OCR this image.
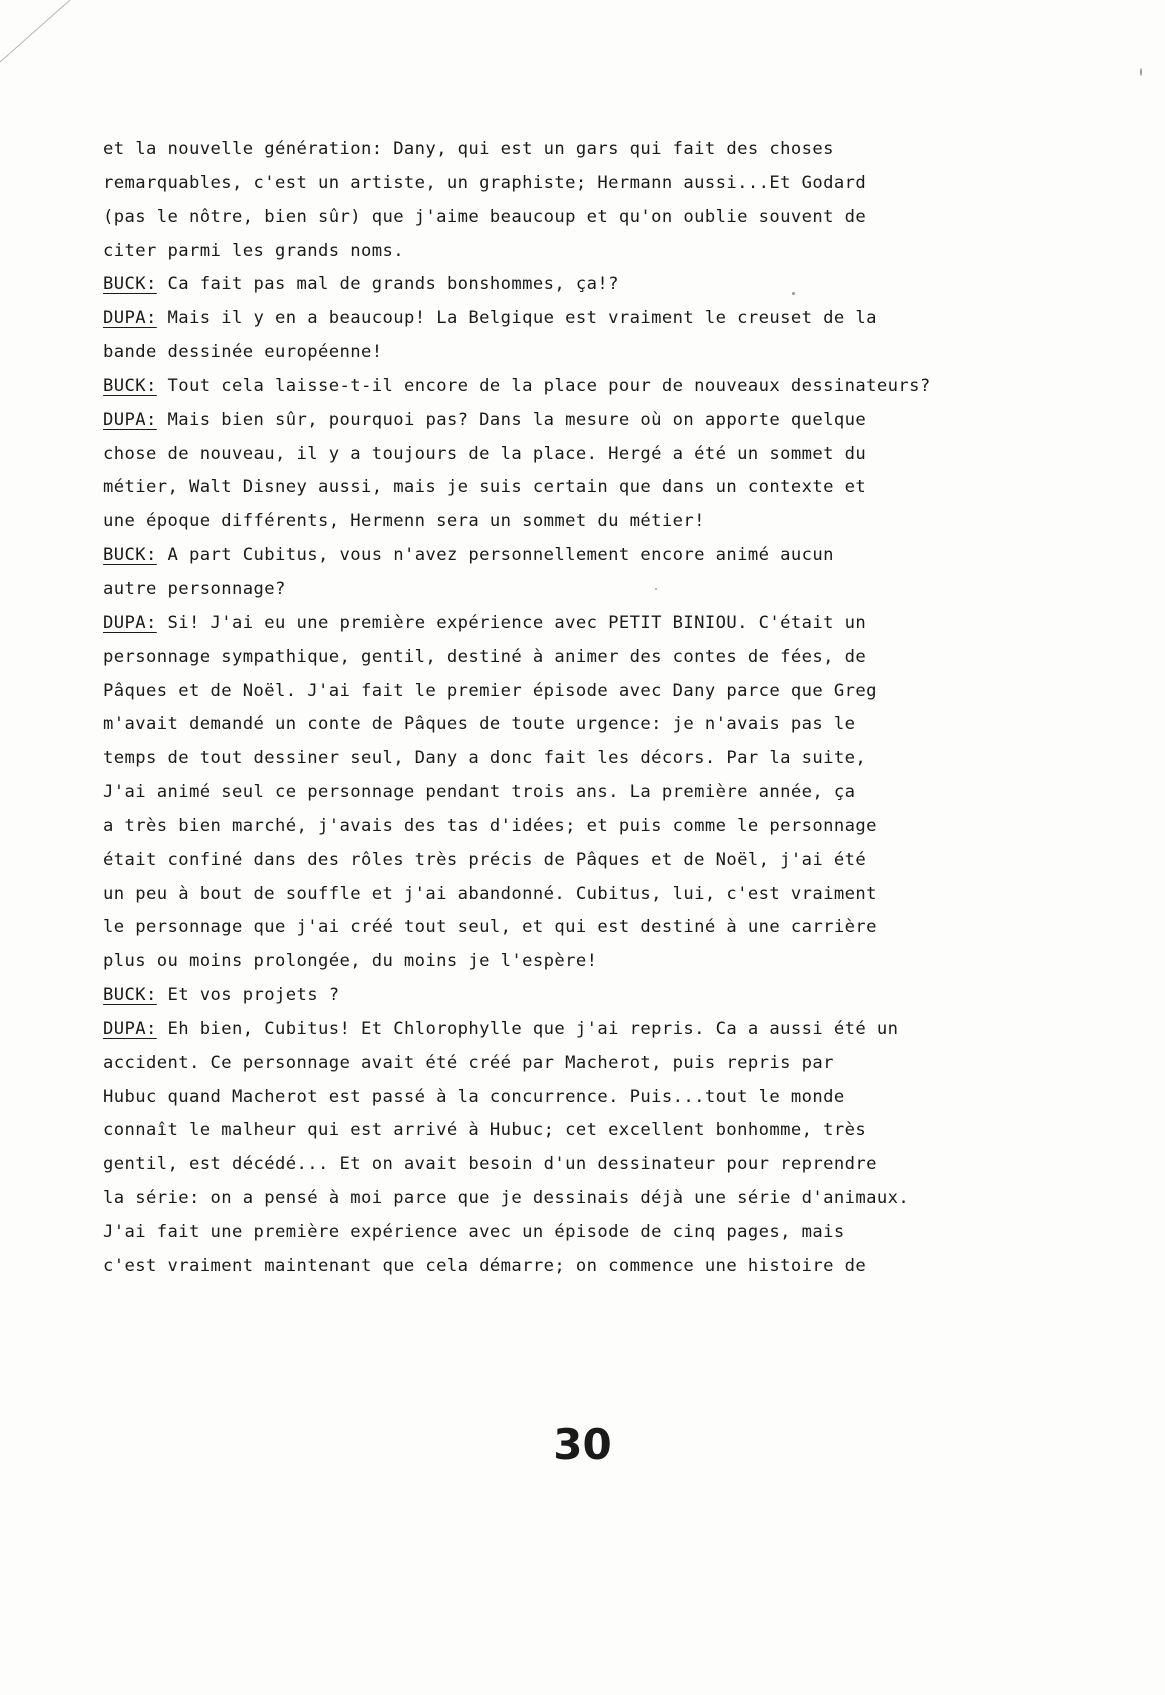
et la nouvelle génération: Dany, qui est un gars qui fait des choses
remarquables, c'est un artiste, un graphiste; Hermann aussi...Et Godard
(pas le nôtre, bien sûr) que j'aime beaucoup et qu'on oublie souvent de
citer parmi les grands noms.
BUCK: Ca fait pas mal de grands bonshommes, ça!?
DUPA: Mais il y en a beaucoup! La Belgique est vraiment le creuset de la
bande dessinée européenne!
BUCK: Tout cela laisse-t-il encore de la place pour de nouveaux dessinateurs?
DUPA: Mais bien sûr, pourquoi pas? Dans la mesure où on apporte quelque
chose de nouveau, il y a toujours de la place. Hergé a été un sommet du
métier, Walt Disney aussi, mais je suis certain que dans un contexte et
une époque différents, Hermenn sera un sommet du métier!
BUCK: A part Cubitus, vous n'avez personnellement encore animé aucun
autre personnage?
DUPA: Si! J'ai eu une première expérience avec PETIT BINIOU. C'était un
personnage sympathique, gentil, destiné à animer des contes de fées, de
Pâques et de Noël. J'ai fait le premier épisode avec Dany parce que Greg
m'avait demandé un conte de Pâques de toute urgence: je n'avais pas le
temps de tout dessiner seul, Dany a donc fait les décors. Par la suite,
J'ai animé seul ce personnage pendant trois ans. La première année, ça
a très bien marché, j'avais des tas d'idées; et puis comme le personnage
était confiné dans des rôles très précis de Pâques et de Noël, j'ai été
un peu à bout de souffle et j'ai abandonné. Cubitus, lui, c'est vraiment
le personnage que j'ai créé tout seul, et qui est destiné à une carrière
plus ou moins prolongée, du moins je l'espère!
BUCK: Et vos projets ?
DUPA: Eh bien, Cubitus! Et Chlorophylle que j'ai repris. Ca a aussi été un
accident. Ce personnage avait été créé par Macherot, puis repris par
Hubuc quand Macherot est passé à la concurrence. Puis...tout le monde
connaît le malheur qui est arrivé à Hubuc; cet excellent bonhomme, très
gentil, est décédé... Et on avait besoin d'un dessinateur pour reprendre
la série: on a pensé à moi parce que je dessinais déjà une série d'animaux.
J'ai fait une première expérience avec un épisode de cinq pages, mais
c'est vraiment maintenant que cela démarre; on commence une histoire de
30
